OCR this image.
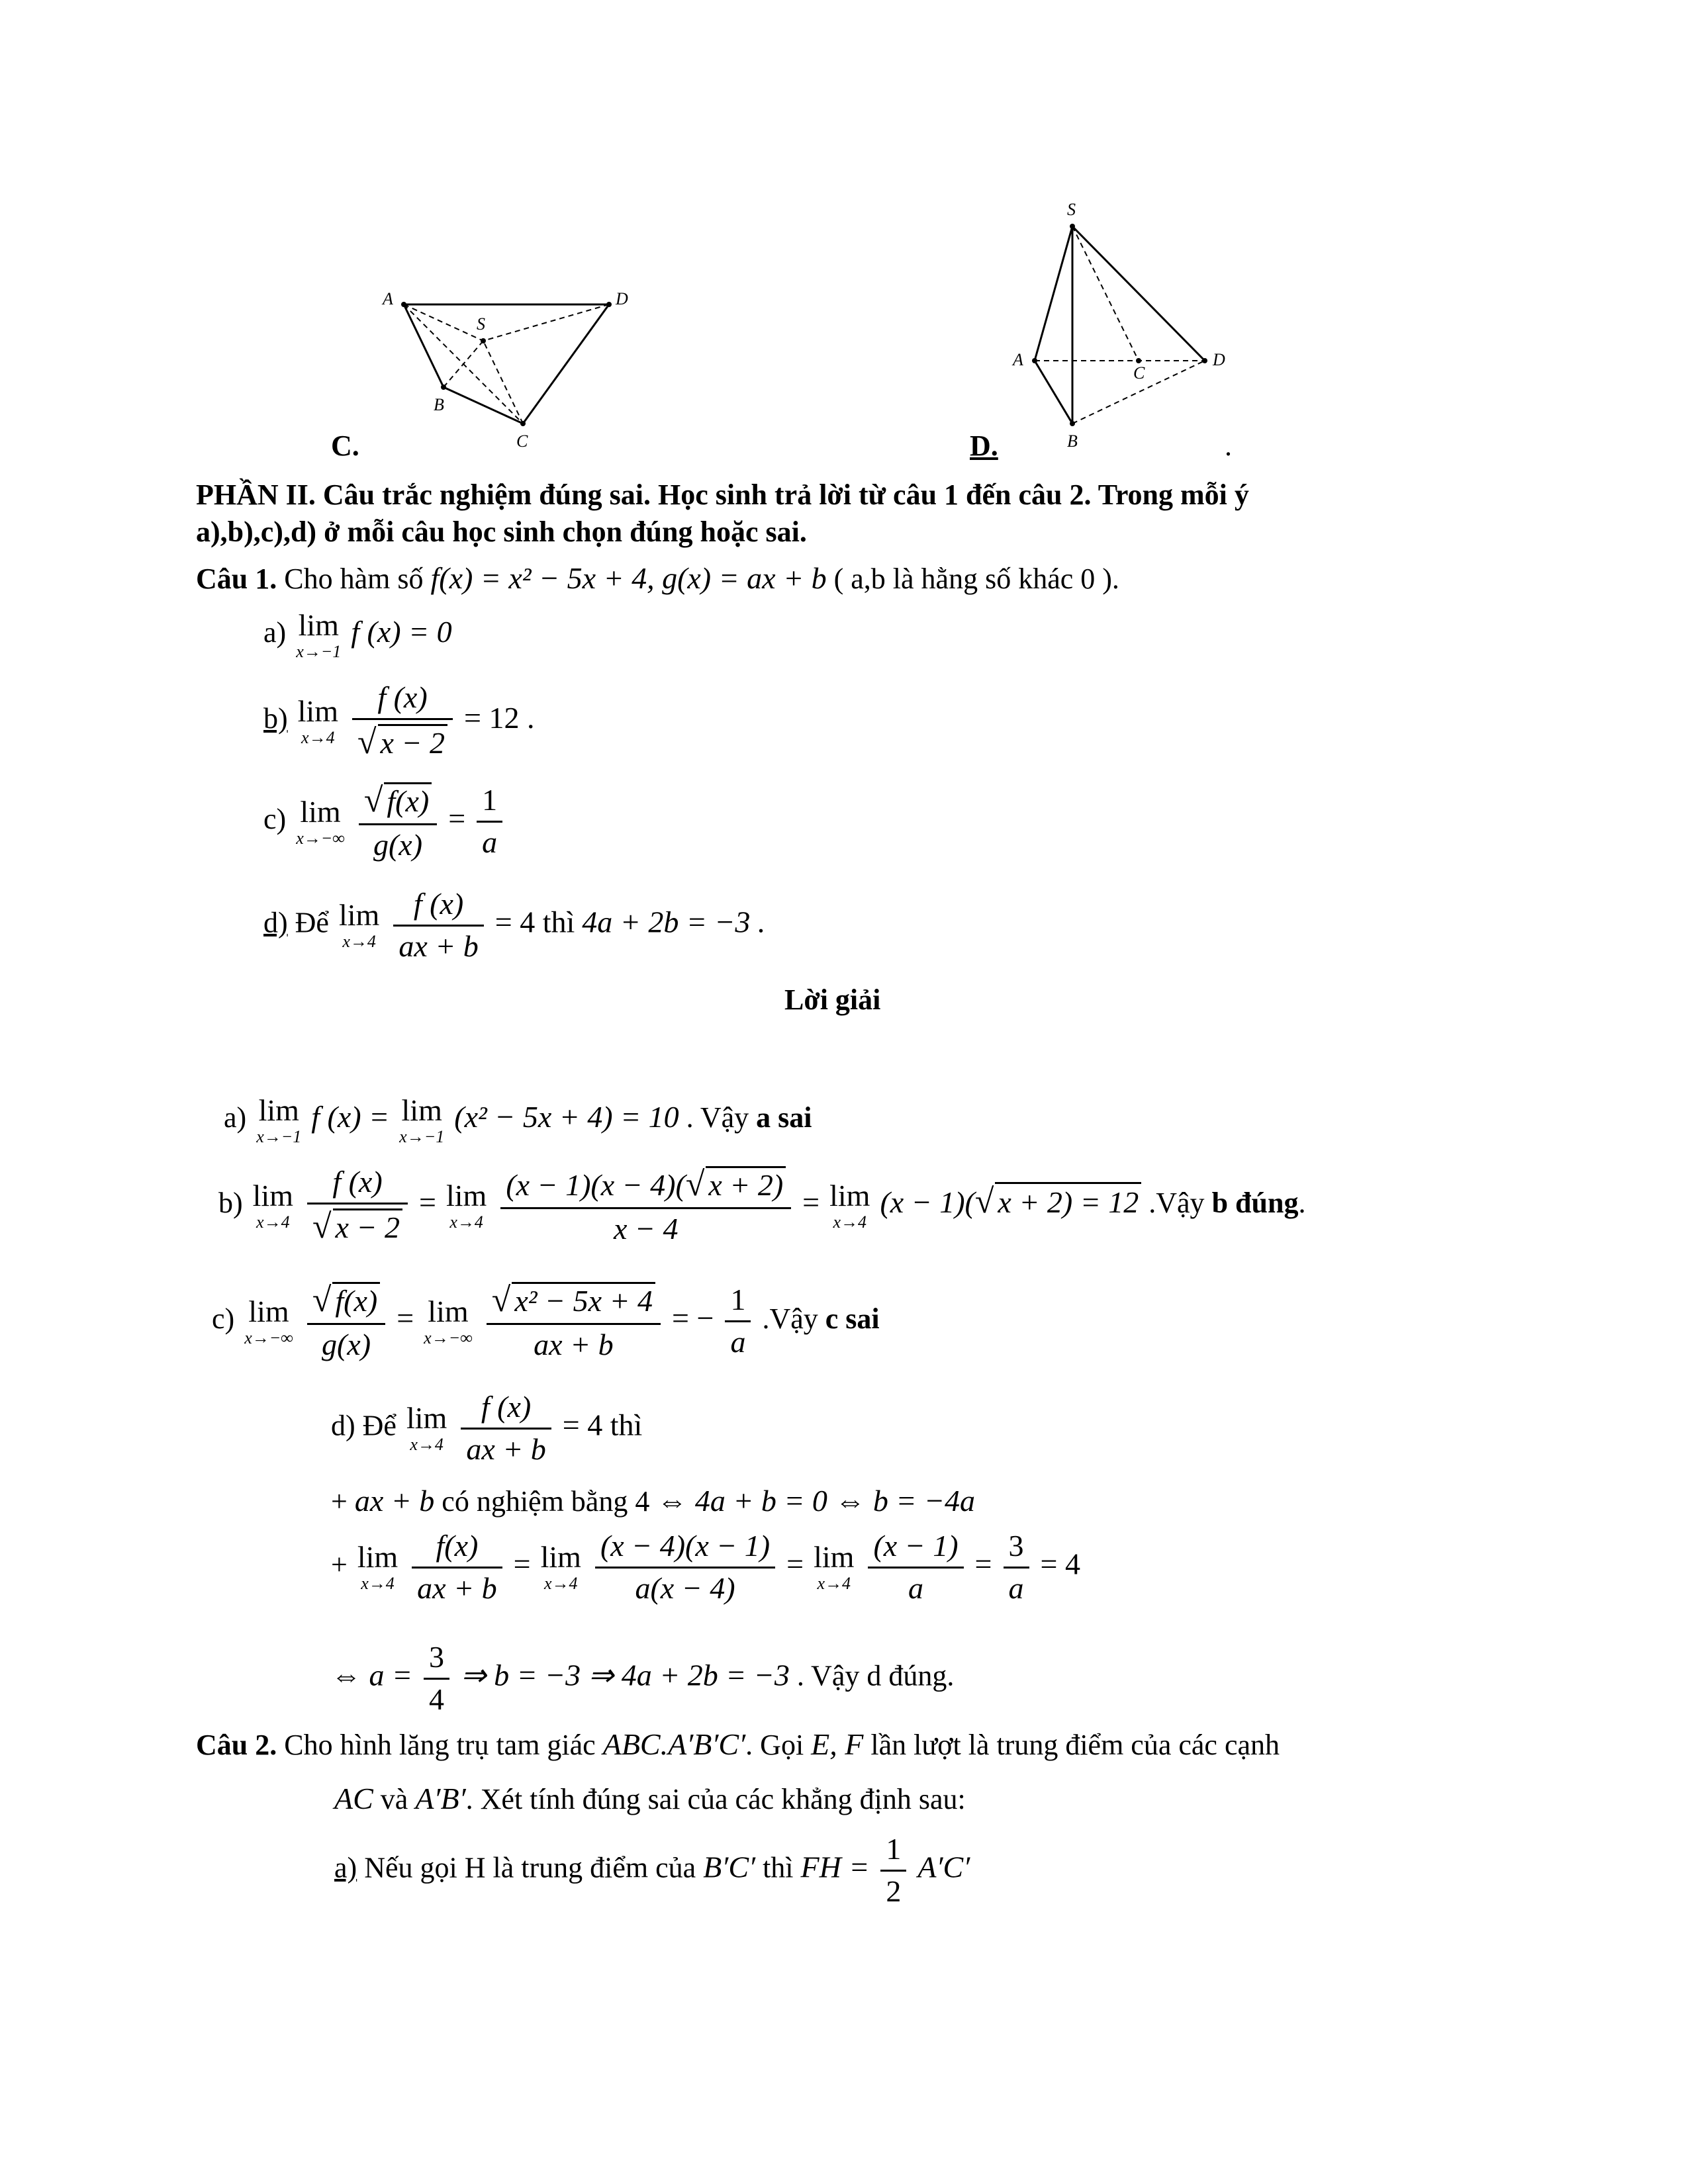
A
S
D
B
C
C.
S
A
C
D
B
D.	.
PHẦN II. Câu trắc nghiệm đúng sai. Học sinh trả lời từ câu 1 đến câu 2. Trong mỗi ý
a),b),c),d) ở mỗi câu học sinh chọn đúng hoặc sai.
Câu 1. Cho hàm số f(x) = x² − 5x + 4, g(x) = ax + b ( a,b là hằng số khác 0 ).
a) lim
x→−1
f (x) = 0
b) lim
x→4
$\frac{f (x)}{√ x - 2} = 12$ .
c) lim
x→−∞
$\frac{√ f(x)}{g(x)} = \frac{1}{a}$
d) Để lim
x→4
$\frac{f (x)}{ax + b} = 4$ thì 4a + 2b = −3 .
Lời giải
a) lim
x→−1
f (x) = lim
x→−1
(x² − 5x + 4) = 10 . Vậy a sai
b) lim
x→4
$\frac{f (x)}{√ x - 2} = \lim$
x→4
$\frac{(x - 1)(x - 4)(√ x + 2)}{x - 4} = \lim$
x→4
(x − 1)(√ x + 2) = 12 .Vậy b đúng.
c) lim
x→−∞
$\frac{√ f(x)}{g(x)} = \lim$
x→−∞
$\frac{\text{√ x² − 5x + 4}}{ax + b}$ = − $\frac{1}{a}$ .Vậy c sai
d) Để lim
x→4
$\frac{f (x)}{ax + b} = 4$ thì
+ ax + b có nghiệm bằng 4 ⇔ 4a + b = 0 ⇔ b = −4a
+ lim
x→4
$\frac{f(x)}{ax + b} = \lim$
x→4
$\frac{(x - 4)(x - 1)}{a(x - 4)} = \lim$
x→4
$\frac{(x - 1)}{a} = \frac{3}{a} = 4$
⇔ $a = \frac{3}{4}$ ⇒ b = −3 ⇒ 4a + 2b = −3 . Vậy d đúng.
Câu 2. Cho hình lăng trụ tam giác ABC.A′B′C′. Gọi E, F lần lượt là trung điểm của các cạnh
AC và A′B′. Xét tính đúng sai của các khẳng định sau:
a) Nếu gọi H là trung điểm của B′C′ thì FH = $\frac{1}{2} A'C'$
